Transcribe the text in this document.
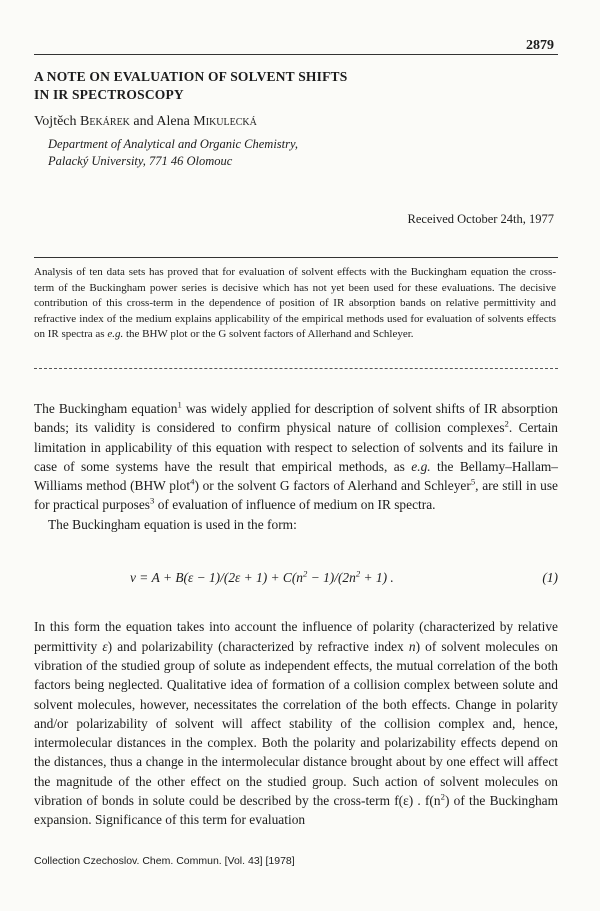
2879
A NOTE ON EVALUATION OF SOLVENT SHIFTS
IN IR SPECTROSCOPY
Vojtěch Bekárek and Alena Mikulecká
Department of Analytical and Organic Chemistry,
Palacký University, 771 46 Olomouc
Received October 24th, 1977
Analysis of ten data sets has proved that for evaluation of solvent effects with the Buckingham equation the cross-term of the Buckingham power series is decisive which has not yet been used for these evaluations. The decisive contribution of this cross-term in the dependence of position of IR absorption bands on relative permittivity and refractive index of the medium explains applicability of the empirical methods used for evaluation of solvents effects on IR spectra as e.g. the BHW plot or the G solvent factors of Allerhand and Schleyer.

The Buckingham equation$^1$ was widely applied for description of solvent shifts of IR absorption bands; its validity is considered to confirm physical nature of collision complexes$^2$. Certain limitation in applicability of this equation with respect to selection of solvents and its failure in case of some systems have the result that empirical methods, as e.g. the Bellamy–Hallam–Williams method (BHW plot$^4$) or the solvent G factors of Alerhand and Schleyer$^5$, are still in use for practical purposes$^3$ of evaluation of influence of medium on IR spectra.

The Buckingham equation is used in the form:

$\nu = A + B(\varepsilon - 1)/(2\varepsilon + 1) + C(n^2 - 1)/(2n^2 + 1)$ .	(1)

In this form the equation takes into account the influence of polarity (characterized by relative permittivity ε) and polarizability (characterized by refractive index n) of solvent molecules on vibration of the studied group of solute as independent effects, the mutual correlation of the both factors being neglected. Qualitative idea of formation of a collision complex between solute and solvent molecules, however, necessitates the correlation of the both effects. Change in polarity and/or polarizability of solvent will affect stability of the collision complex and, hence, intermolecular distances in the complex. Both the polarity and polarizability effects depend on the distances, thus a change in the intermolecular distance brought about by one effect will affect the magnitude of the other effect on the studied group. Such action of solvent molecules on vibration of bonds in solute could be described by the cross-term f(ε) . $f(n^2)$ of the Buckingham expansion. Significance of this term for evaluation

Collection Czechoslov. Chem. Commun. [Vol. 43] [1978]
